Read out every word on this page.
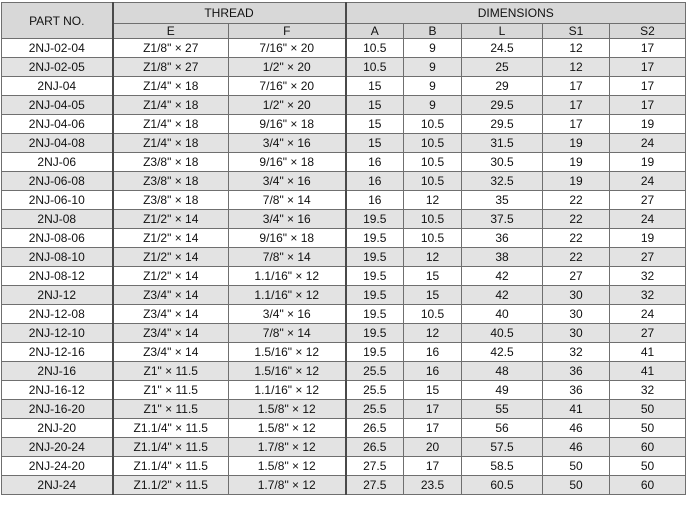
PART NO.	THREAD		DIMENSIONS				
	E	F	A	B	L	S1	S2
2NJ-02-04	Z1/8" × 27	7/16" × 20	10.5	9	24.5	12	17
2NJ-02-05	Z1/8" × 27	1/2" × 20	10.5	9	25	12	17
2NJ-04	Z1/4" × 18	7/16" × 20	15	9	29	17	17
2NJ-04-05	Z1/4" × 18	1/2" × 20	15	9	29.5	17	17
2NJ-04-06	Z1/4" × 18	9/16" × 18	15	10.5	29.5	17	19
2NJ-04-08	Z1/4" × 18	3/4" × 16	15	10.5	31.5	19	24
2NJ-06	Z3/8" × 18	9/16" × 18	16	10.5	30.5	19	19
2NJ-06-08	Z3/8" × 18	3/4" × 16	16	10.5	32.5	19	24
2NJ-06-10	Z3/8" × 18	7/8" × 14	16	12	35	22	27
2NJ-08	Z1/2" × 14	3/4" × 16	19.5	10.5	37.5	22	24
2NJ-08-06	Z1/2" × 14	9/16" × 18	19.5	10.5	36	22	19
2NJ-08-10	Z1/2" × 14	7/8" × 14	19.5	12	38	22	27
2NJ-08-12	Z1/2" × 14	1.1/16" × 12	19.5	15	42	27	32
2NJ-12	Z3/4" × 14	1.1/16" × 12	19.5	15	42	30	32
2NJ-12-08	Z3/4" × 14	3/4" × 16	19.5	10.5	40	30	24
2NJ-12-10	Z3/4" × 14	7/8" × 14	19.5	12	40.5	30	27
2NJ-12-16	Z3/4" × 14	1.5/16" × 12	19.5	16	42.5	32	41
2NJ-16	Z1" × 11.5	1.5/16" × 12	25.5	16	48	36	41
2NJ-16-12	Z1" × 11.5	1.1/16" × 12	25.5	15	49	36	32
2NJ-16-20	Z1" × 11.5	1.5/8" × 12	25.5	17	55	41	50
2NJ-20	Z1.1/4" × 11.5	1.5/8" × 12	26.5	17	56	46	50
2NJ-20-24	Z1.1/4" × 11.5	1.7/8" × 12	26.5	20	57.5	46	60
2NJ-24-20	Z1.1/4" × 11.5	1.5/8" × 12	27.5	17	58.5	50	50
2NJ-24	Z1.1/2" × 11.5	1.7/8" × 12	27.5	23.5	60.5	50	60
